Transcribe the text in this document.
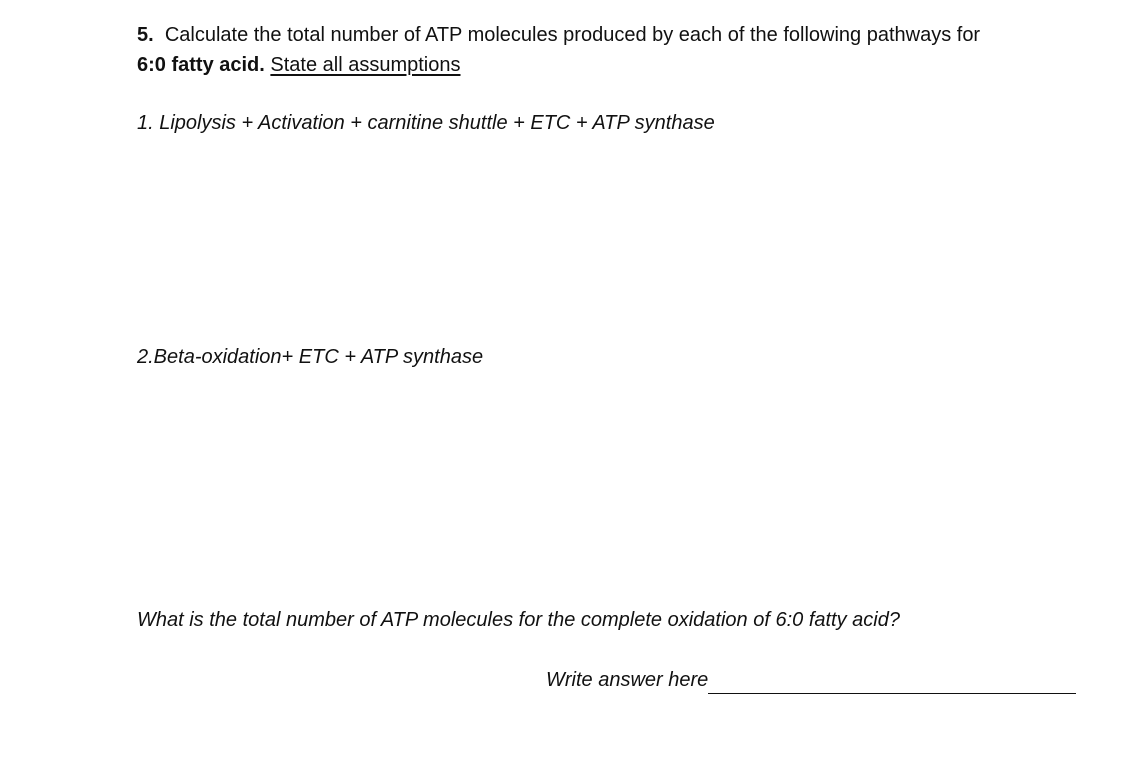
5. Calculate the total number of ATP molecules produced by each of the following pathways for
6:0 fatty acid. State all assumptions
1. Lipolysis + Activation + carnitine shuttle + ETC + ATP synthase
2.Beta-oxidation+ ETC + ATP synthase
What is the total number of ATP molecules for the complete oxidation of 6:0 fatty acid?
Write answer here
